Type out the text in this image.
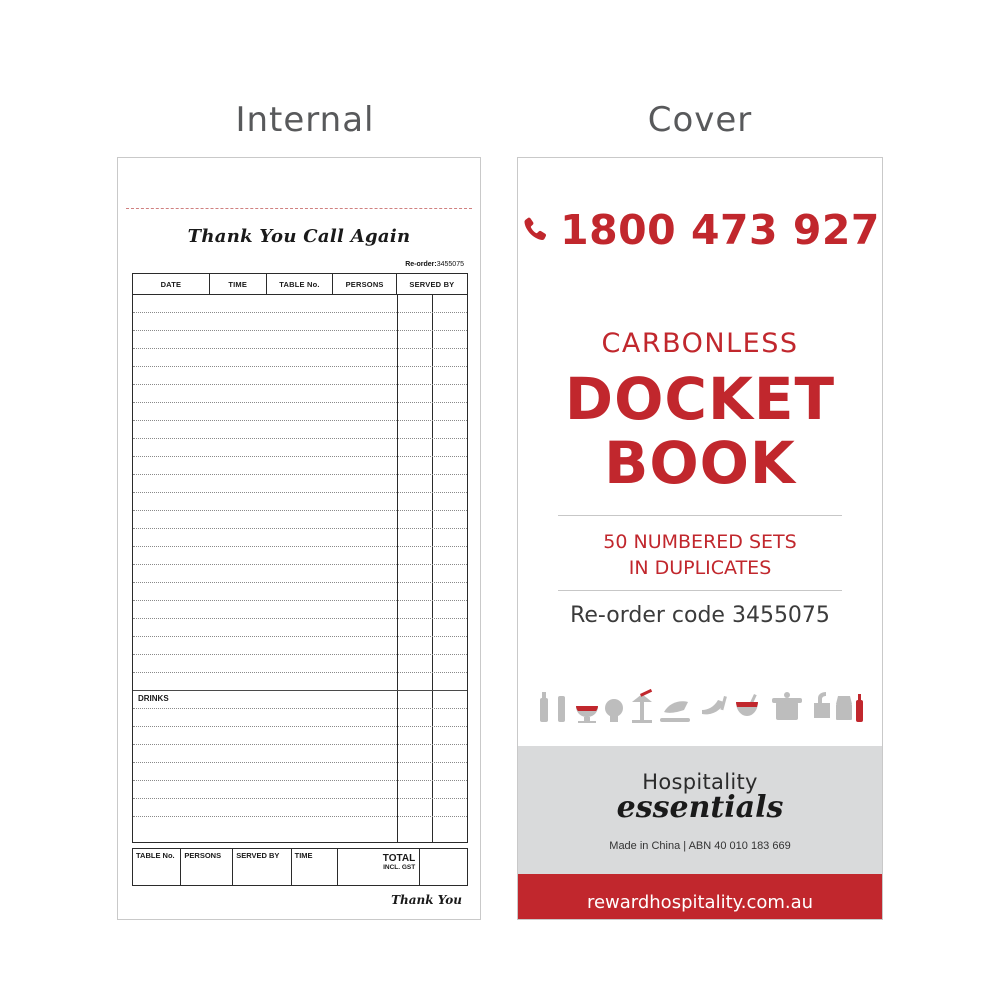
Internal	Cover
Thank You Call Again
Re-order:3455075
DATE	TIME	TABLE No.	PERSONS	SERVED BY
DRINKS
TABLE No.	PERSONS	SERVED BY	TIME	TOTAL
INCL. GST
Thank You
1800 473 927
CARBONLESS
DOCKET
BOOK
50 NUMBERED SETS
IN DUPLICATES
Re-order code 3455075
Hospitality
essentials
Made in China | ABN 40 010 183 669
rewardhospitality.com.au
